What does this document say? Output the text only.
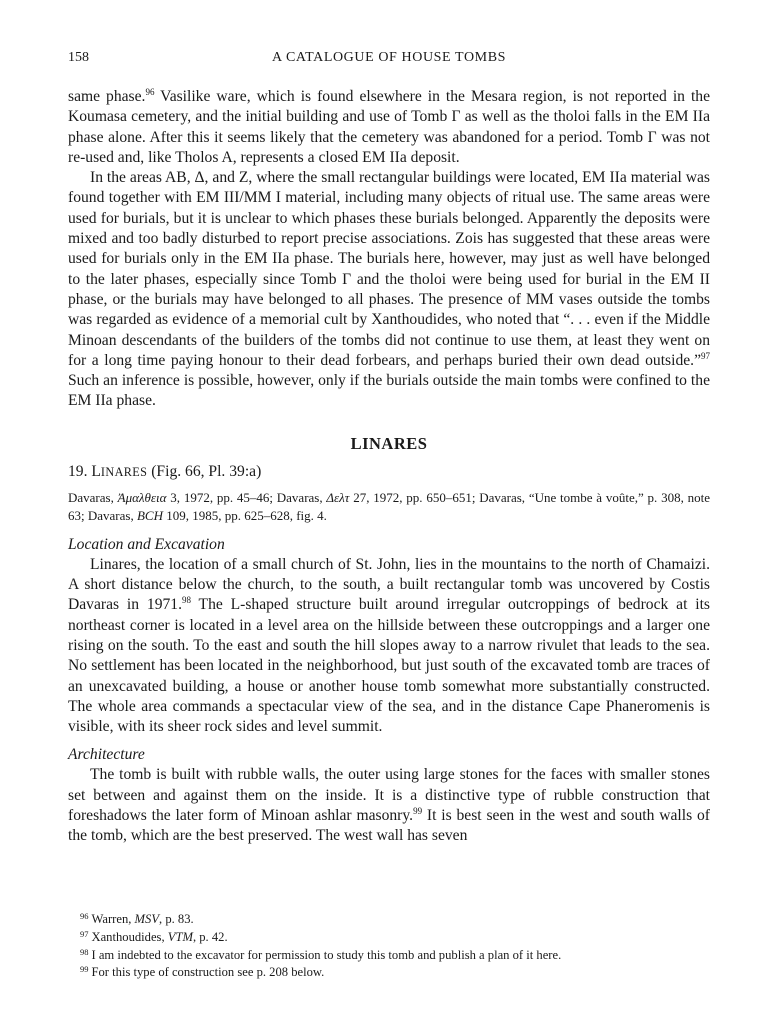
158	A CATALOGUE OF HOUSE TOMBS

same phase.$^{96}$ Vasilike ware, which is found elsewhere in the Mesara region, is not reported in the Koumasa cemetery, and the initial building and use of Tomb Γ as well as the tholoi falls in the EM IIa phase alone. After this it seems likely that the cemetery was abandoned for a period. Tomb Γ was not re-used and, like Tholos A, represents a closed EM IIa deposit.

In the areas AB, Δ, and Z, where the small rectangular buildings were located, EM IIa material was found together with EM III/MM I material, including many objects of ritual use. The same areas were used for burials, but it is unclear to which phases these burials belonged. Apparently the deposits were mixed and too badly disturbed to report precise associations. Zois has suggested that these areas were used for burials only in the EM IIa phase. The burials here, however, may just as well have belonged to the later phases, especially since Tomb Γ and the tholoi were being used for burial in the EM II phase, or the burials may have belonged to all phases. The presence of MM vases outside the tombs was regarded as evidence of a memorial cult by Xanthoudides, who noted that “. . . even if the Middle Minoan descendants of the builders of the tombs did not continue to use them, at least they went on for a long time paying honour to their dead forbears, and perhaps buried their own dead outside.”$^{97}$ Such an inference is possible, however, only if the burials outside the main tombs were confined to the EM IIa phase.

LINARES

19. LINARES (Fig. 66, Pl. 39:a)

Davaras, Ἀμαλθεια 3, 1972, pp. 45–46; Davaras, Δελτ 27, 1972, pp. 650–651; Davaras, “Une tombe à voûte,” p. 308, note 63; Davaras, BCH 109, 1985, pp. 625–628, fig. 4.

Location and Excavation

Linares, the location of a small church of St. John, lies in the mountains to the north of Chamaizi. A short distance below the church, to the south, a built rectangular tomb was uncovered by Costis Davaras in 1971.98 The L-shaped structure built around irregular outcroppings of bedrock at its northeast corner is located in a level area on the hillside between these outcroppings and a larger one rising on the south. To the east and south the hill slopes away to a narrow rivulet that leads to the sea. No settlement has been located in the neighborhood, but just south of the excavated tomb are traces of an unexcavated building, a house or another house tomb somewhat more substantially constructed. The whole area commands a spectacular view of the sea, and in the distance Cape Phaneromenis is visible, with its sheer rock sides and level summit.

Architecture

The tomb is built with rubble walls, the outer using large stones for the faces with smaller stones set between and against them on the inside. It is a distinctive type of rubble construction that foreshadows the later form of Minoan ashlar masonry.$^{99}$ It is best seen in the west and south walls of the tomb, which are the best preserved. The west wall has seven

$^{96}$ Warren, MSV, p. 83.

$^{97}$ Xanthoudides, VTM, p. 42.

$^{98}$ I am indebted to the excavator for permission to study this tomb and publish a plan of it here.

$^{99}$ For this type of construction see p. 208 below.
